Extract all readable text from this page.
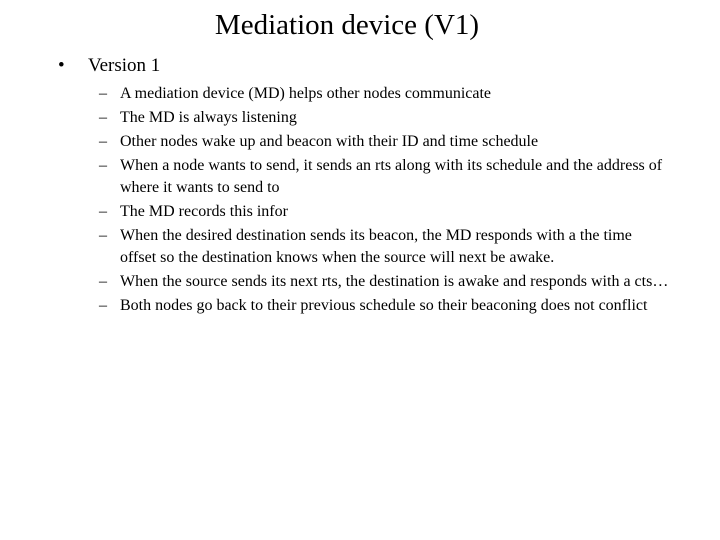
Mediation device (V1)
• Version 1
– A mediation device (MD) helps other nodes communicate
– The MD is always listening
– Other nodes wake up and beacon with their ID and time schedule
– When a node wants to send, it sends an rts along with its schedule and the address of where it wants to send to
– The MD records this infor
– When the desired destination sends its beacon, the MD responds with a the time offset so the destination knows when the source will next be awake.
– When the source sends its next rts, the destination is awake and responds with a cts…
– Both nodes go back to their previous schedule so their beaconing does not conflict
